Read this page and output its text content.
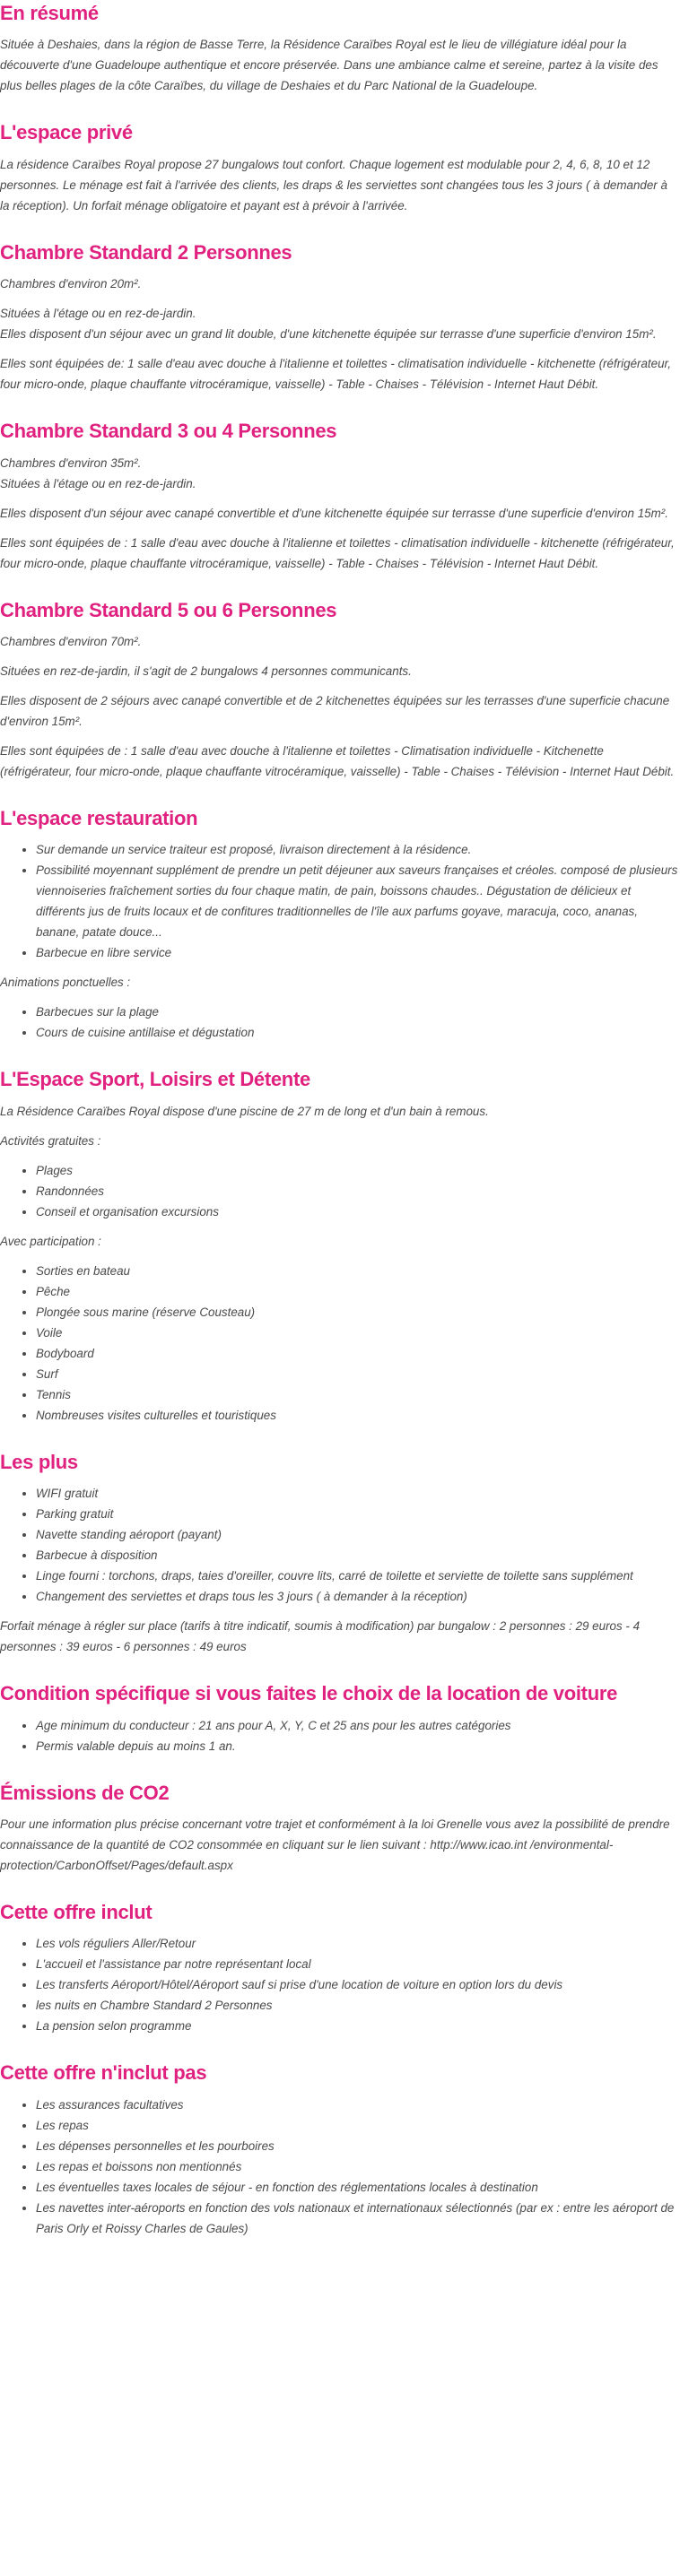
En résumé

Située à Deshaies, dans la région de Basse Terre, la Résidence Caraïbes Royal est le lieu de villégiature idéal pour la découverte d'une Guadeloupe authentique et encore préservée. Dans une ambiance calme et sereine, partez à la visite des plus belles plages de la côte Caraïbes, du village de Deshaies et du Parc National de la Guadeloupe.

L'espace privé

La résidence Caraïbes Royal propose 27 bungalows tout confort. Chaque logement est modulable pour 2, 4, 6, 8, 10 et 12 personnes. Le ménage est fait à l'arrivée des clients, les draps & les serviettes sont changées tous les 3 jours ( à demander à la réception). Un forfait ménage obligatoire et payant est à prévoir à l'arrivée.

Chambre Standard 2 Personnes

Chambres d'environ 20m².

Situées à l'étage ou en rez-de-jardin.
Elles disposent d'un séjour avec un grand lit double, d'une kitchenette équipée sur terrasse d'une superficie d'environ 15m².

Elles sont équipées de: 1 salle d'eau avec douche à l'italienne et toilettes - climatisation individuelle - kitchenette (réfrigérateur, four micro-onde, plaque chauffante vitrocéramique, vaisselle) - Table - Chaises - Télévision - Internet Haut Débit.

Chambre Standard 3 ou 4 Personnes

Chambres d'environ 35m².
Situées à l'étage ou en rez-de-jardin.

Elles disposent d'un séjour avec canapé convertible et d'une kitchenette équipée sur terrasse d'une superficie d'environ 15m².

Elles sont équipées de : 1 salle d'eau avec douche à l'italienne et toilettes - climatisation individuelle - kitchenette (réfrigérateur, four micro-onde, plaque chauffante vitrocéramique, vaisselle) - Table - Chaises - Télévision - Internet Haut Débit.

Chambre Standard 5 ou 6 Personnes

Chambres d'environ 70m².

Situées en rez-de-jardin, il s'agit de 2 bungalows 4 personnes communicants.

Elles disposent de 2 séjours avec canapé convertible et de 2 kitchenettes équipées sur les terrasses d'une superficie chacune d'environ 15m².

Elles sont équipées de : 1 salle d'eau avec douche à l'italienne et toilettes - Climatisation individuelle - Kitchenette (réfrigérateur, four micro-onde, plaque chauffante vitrocéramique, vaisselle) - Table - Chaises - Télévision - Internet Haut Débit.

L'espace restauration
• Sur demande un service traiteur est proposé, livraison directement à la résidence.
• Possibilité moyennant supplément de prendre un petit déjeuner aux saveurs françaises et créoles. composé de plusieurs viennoiseries fraîchement sorties du four chaque matin, de pain, boissons chaudes.. Dégustation de délicieux et différents jus de fruits locaux et de confitures traditionnelles de l'île aux parfums goyave, maracuja, coco, ananas, banane, patate douce...
• Barbecue en libre service

Animations ponctuelles :

• Barbecues sur la plage
• Cours de cuisine antillaise et dégustation
L'Espace Sport, Loisirs et Détente

La Résidence Caraïbes Royal dispose d'une piscine de 27 m de long et d'un bain à remous.

Activités gratuites :

• Plages
• Randonnées
• Conseil et organisation excursions

Avec participation :

• Sorties en bateau
• Pêche
• Plongée sous marine (réserve Cousteau)
• Voile
• Bodyboard
• Surf
• Tennis
• Nombreuses visites culturelles et touristiques
Les plus
• WIFI gratuit
• Parking gratuit
• Navette standing aéroport (payant)
• Barbecue à disposition
• Linge fourni : torchons, draps, taies d'oreiller, couvre lits, carré de toilette et serviette de toilette sans supplément
• Changement des serviettes et draps tous les 3 jours ( à demander à la réception)

Forfait ménage à régler sur place (tarifs à titre indicatif, soumis à modification) par bungalow : 2 personnes : 29 euros - 4 personnes : 39 euros - 6 personnes : 49 euros

Condition spécifique si vous faites le choix de la location de voiture
• Age minimum du conducteur : 21 ans pour A, X, Y, C et 25 ans pour les autres catégories
• Permis valable depuis au moins 1 an.
Émissions de CO2

Pour une information plus précise concernant votre trajet et conformément à la loi Grenelle vous avez la possibilité de prendre connaissance de la quantité de CO2 consommée en cliquant sur le lien suivant : http://www.icao.int /environmental-protection/CarbonOffset/Pages/default.aspx

Cette offre inclut
• Les vols réguliers Aller/Retour
• L'accueil et l'assistance par notre représentant local
• Les transferts Aéroport/Hôtel/Aéroport sauf si prise d'une location de voiture en option lors du devis
• les nuits en Chambre Standard 2 Personnes
• La pension selon programme
Cette offre n'inclut pas
• Les assurances facultatives
• Les repas
• Les dépenses personnelles et les pourboires
• Les repas et boissons non mentionnés
• Les éventuelles taxes locales de séjour - en fonction des réglementations locales à destination
• Les navettes inter-aéroports en fonction des vols nationaux et internationaux sélectionnés (par ex : entre les aéroport de Paris Orly et Roissy Charles de Gaules)
